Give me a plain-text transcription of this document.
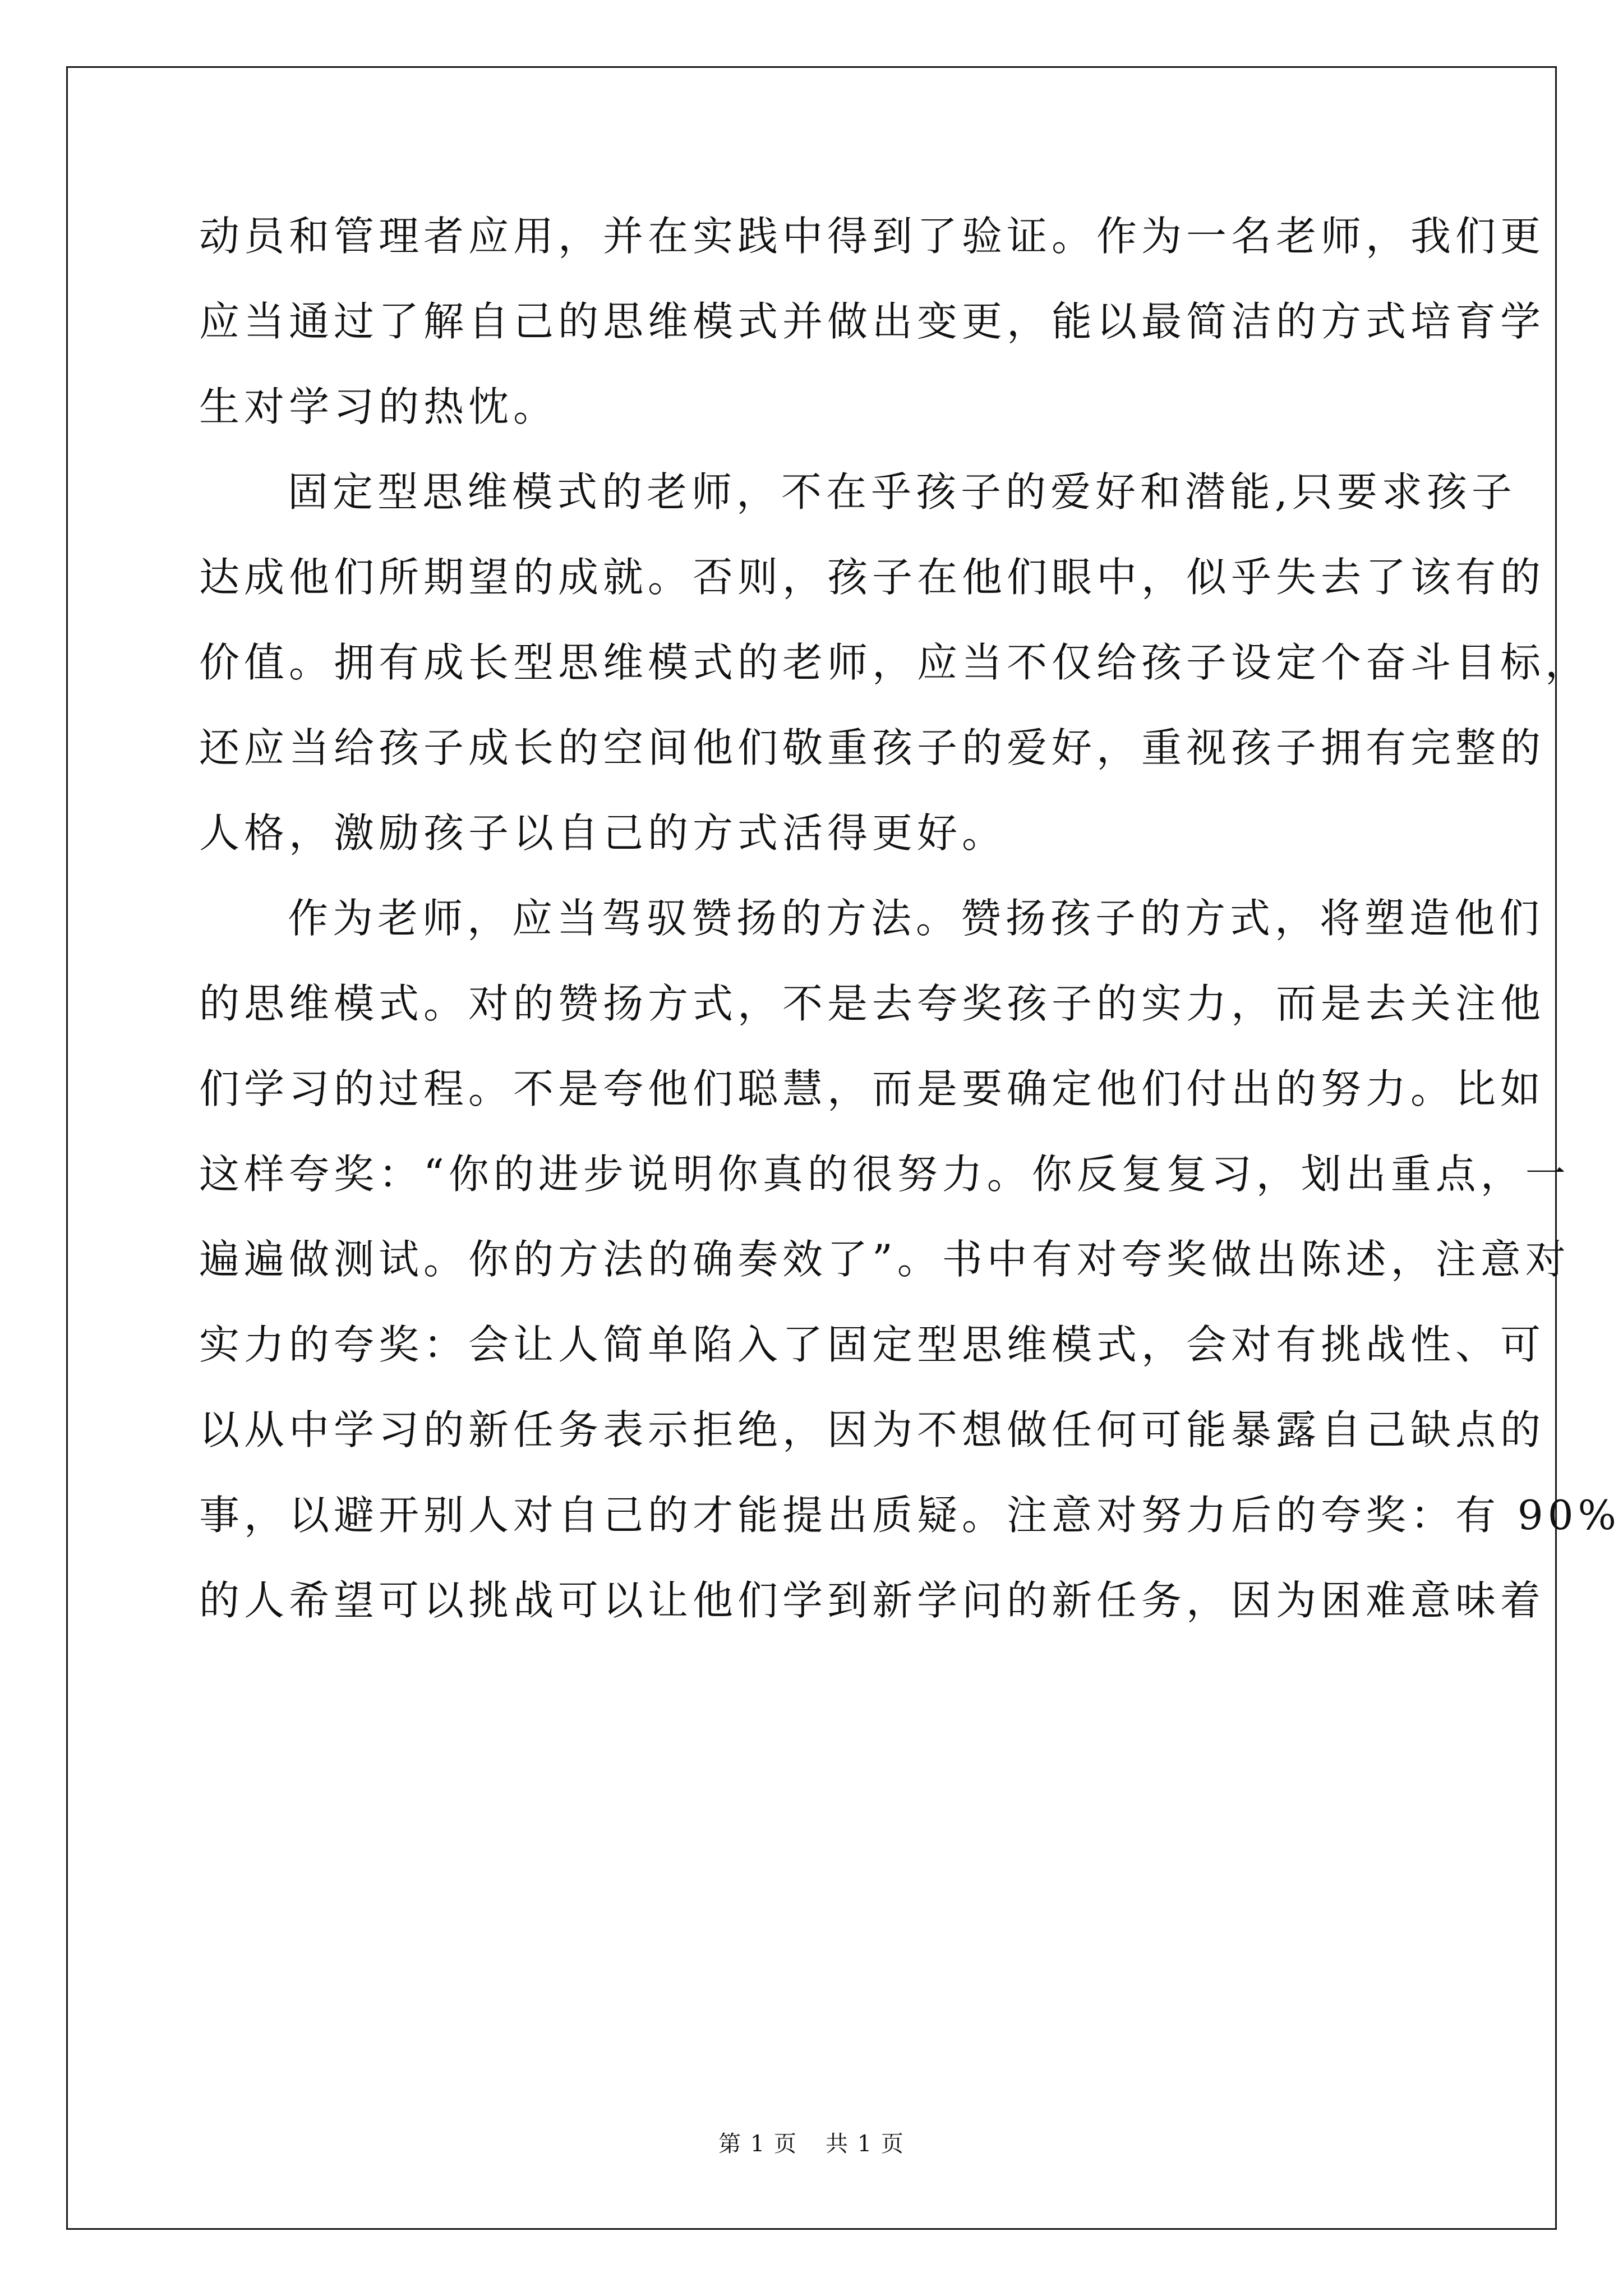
动员和管理者应用，并在实践中得到了验证。作为一名老师，我们更
应当通过了解自己的思维模式并做出变更，能以最简洁的方式培育学
生对学习的热忱。
固定型思维模式的老师，不在乎孩子的爱好和潜能,只要求孩子
达成他们所期望的成就。否则，孩子在他们眼中，似乎失去了该有的
价值。拥有成长型思维模式的老师，应当不仅给孩子设定个奋斗目标，
还应当给孩子成长的空间他们敬重孩子的爱好，重视孩子拥有完整的
人格，激励孩子以自己的方式活得更好。
作为老师，应当驾驭赞扬的方法。赞扬孩子的方式，将塑造他们
的思维模式。对的赞扬方式，不是去夸奖孩子的实力，而是去关注他
们学习的过程。不是夸他们聪慧，而是要确定他们付出的努力。比如
这样夸奖：“你的进步说明你真的很努力。你反复复习，划出重点，一
遍遍做测试。你的方法的确奏效了”。书中有对夸奖做出陈述，注意对
实力的夸奖：会让人简单陷入了固定型思维模式，会对有挑战性、可
以从中学习的新任务表示拒绝，因为不想做任何可能暴露自己缺点的
事，以避开别人对自己的才能提出质疑。注意对努力后的夸奖：有 90%
的人希望可以挑战可以让他们学到新学问的新任务，因为困难意味着
第 1 页 共 1 页
